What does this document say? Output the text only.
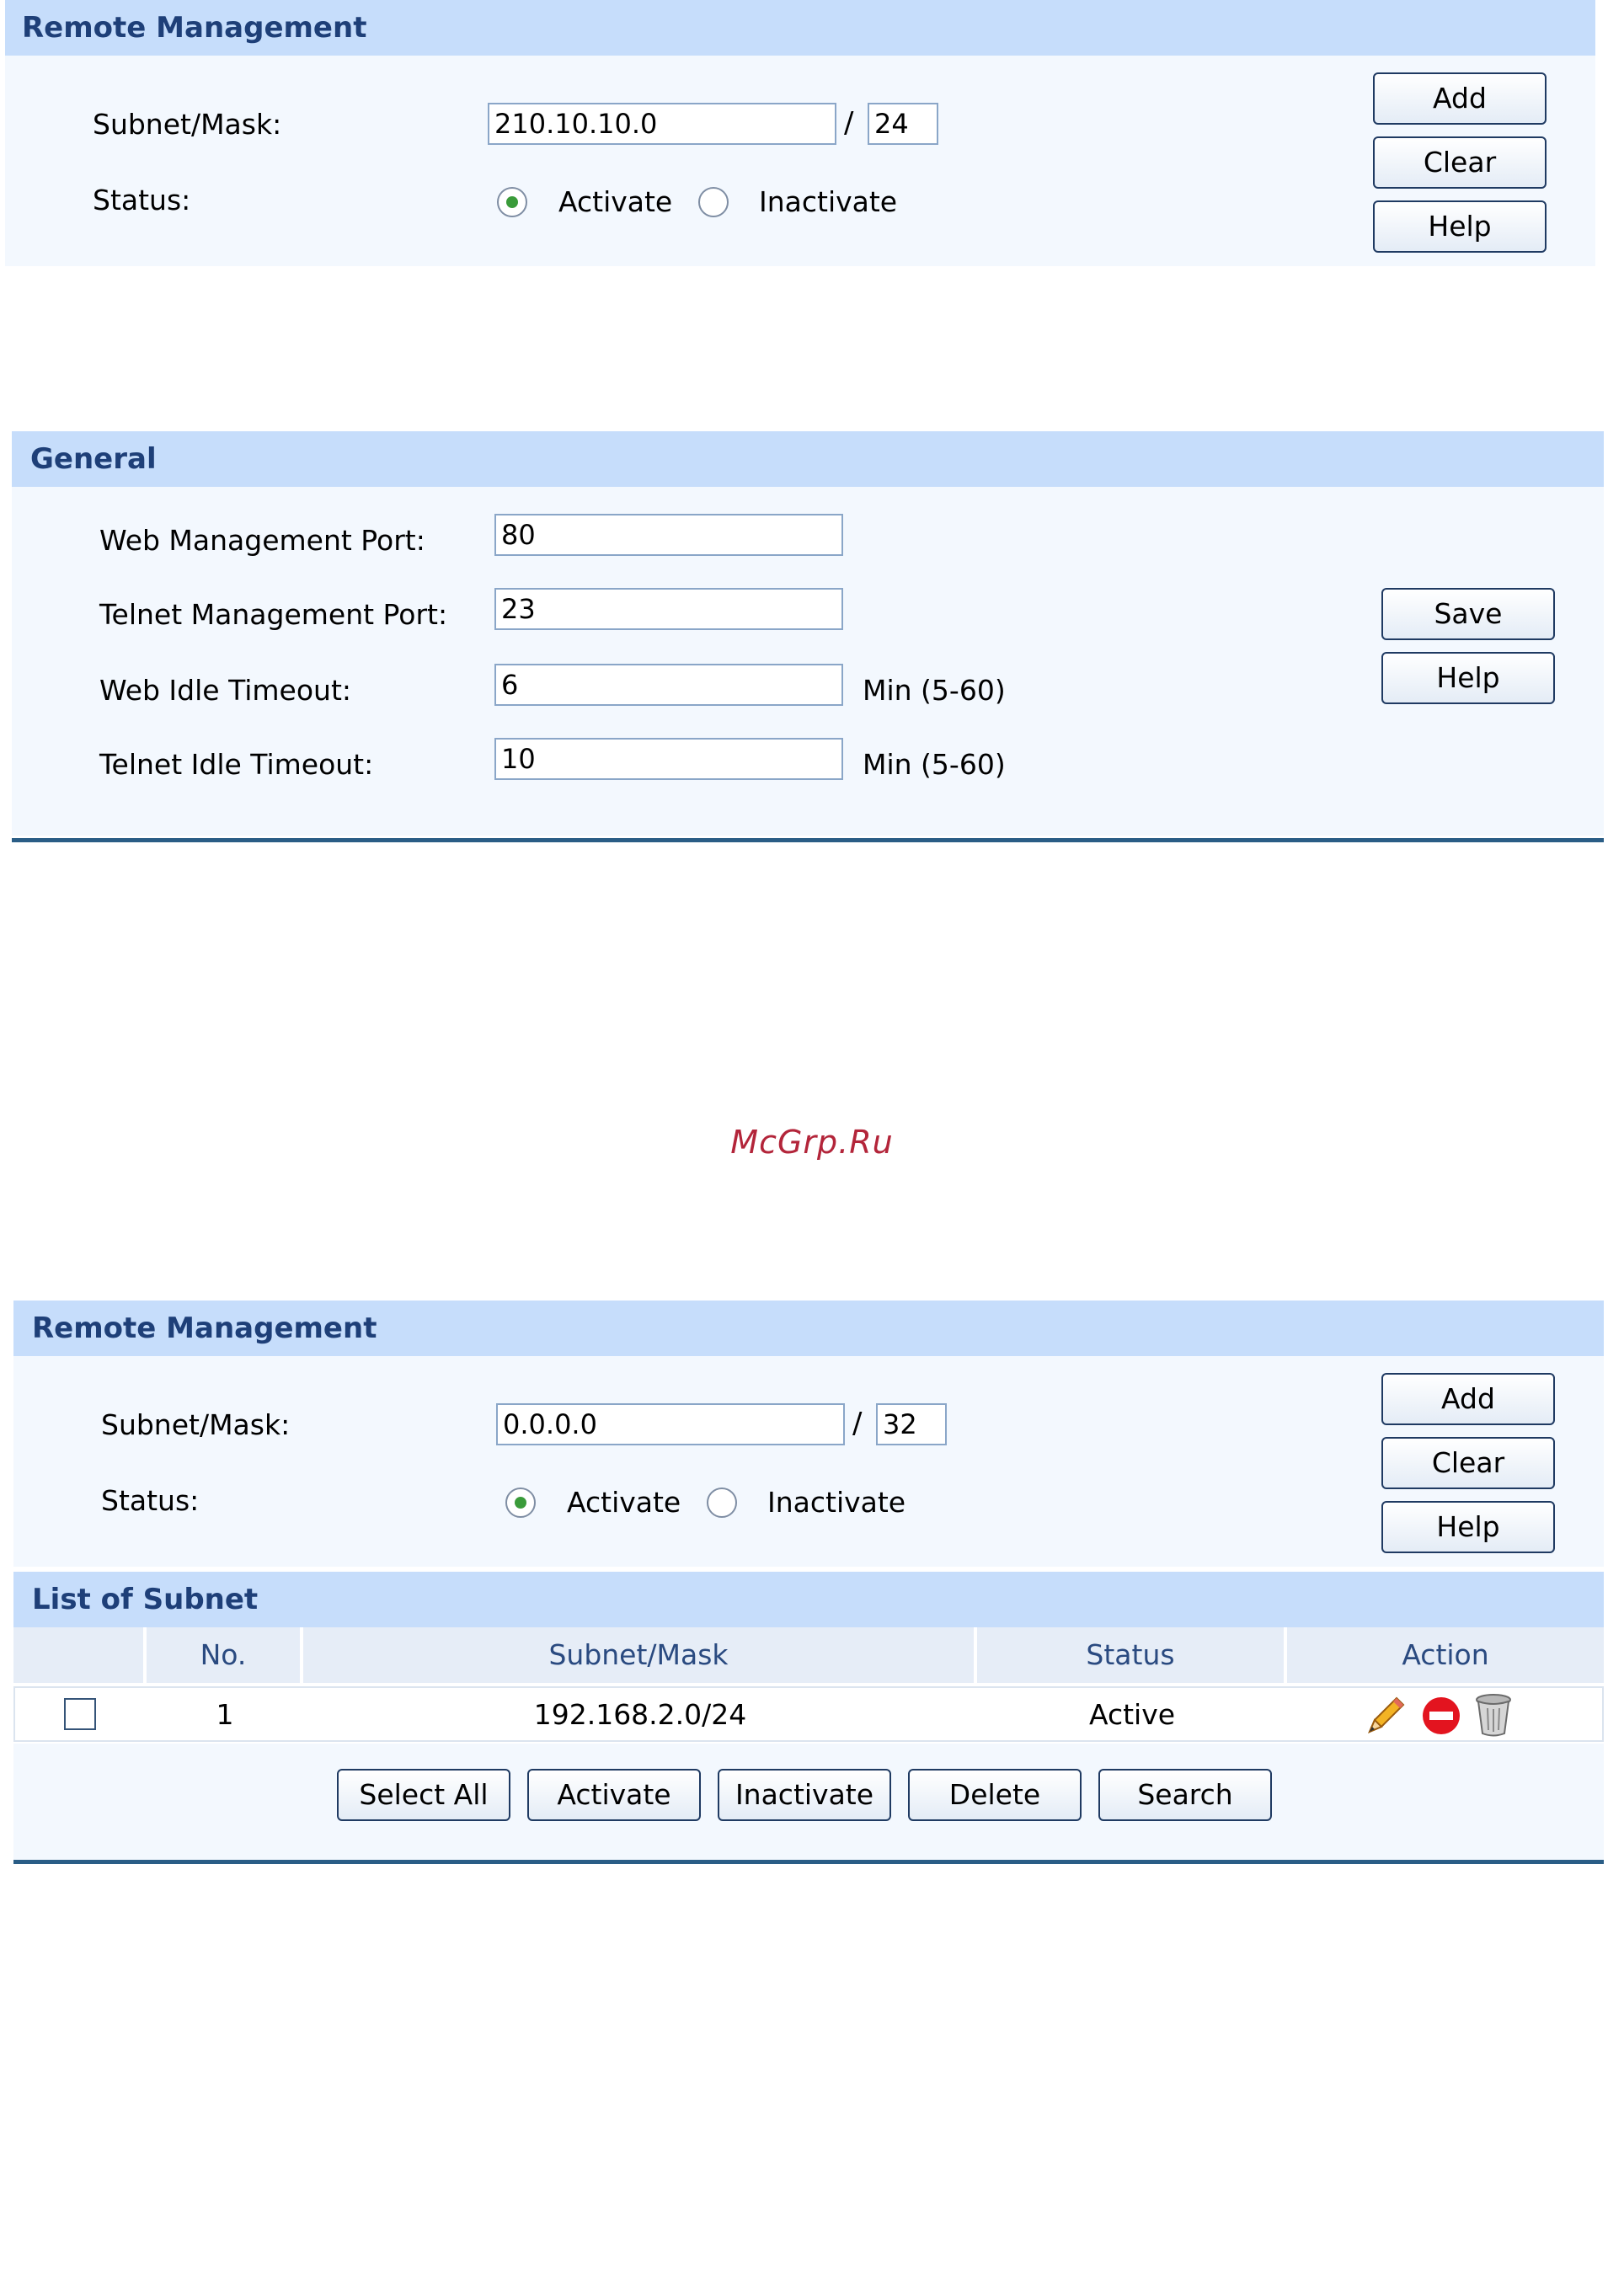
Remote Management
Subnet/Mask:
210.10.10.0	/
24
Status:	Activate	Inactivate
Add
Clear
Help
General
Web Management Port:
80
Telnet Management Port:
23
Web Idle Timeout:
6	Min (5-60)
Telnet Idle Timeout:
10	Min (5-60)
Save
Help
McGrp.Ru
Remote Management
Subnet/Mask:
0.0.0.0	/
32
Status:	Activate	Inactivate
Add
Clear
Help
List of Subnet
No.	Subnet/Mask	Status	Action
1	192.168.2.0/24	Active
Select All	Activate	Inactivate	Delete	Search
